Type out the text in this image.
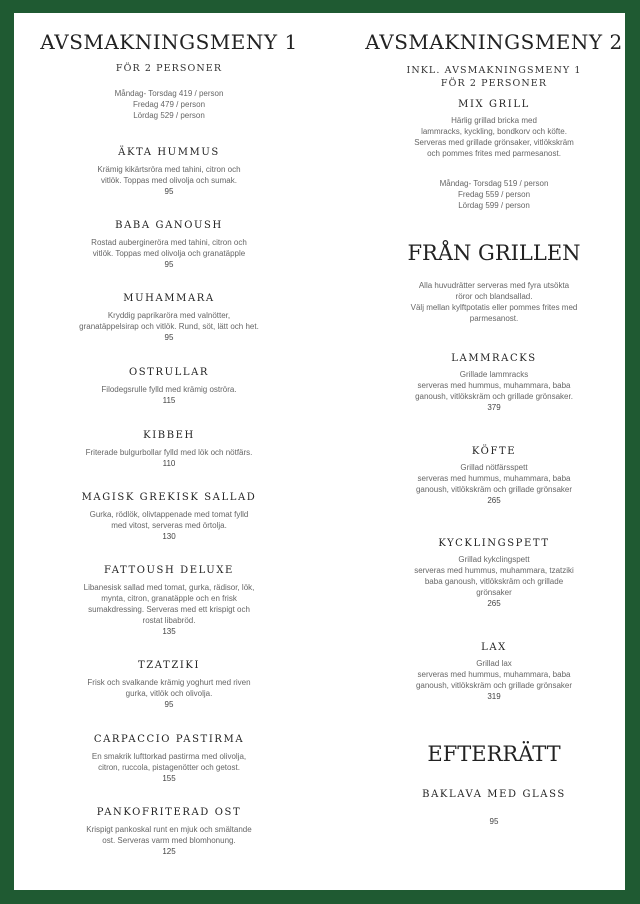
AVSMAKNINGSMENY 1
FÖR 2 PERSONER
Måndag- Torsdag 419 / person
Fredag 479 / person
Lördag 529 / person
ÄKTA HUMMUS
Krämig kikärtsröra med tahini, citron och
vitlök. Toppas med olivolja och sumak.
95
BABA GANOUSH
Rostad aubergineröra med tahini, citron och
vitlök. Toppas med olivolja och granatäpple
95
MUHAMMARA
Kryddig paprikaröra med valnötter,
granatäppelsirap och vitlök. Rund, söt, lätt och het.
95
OSTRULLAR
Filodegsrulle fylld med krämig oströra.
115
KIBBEH
Friterade bulgurbollar fylld med lök och nötfärs.
110
MAGISK GREKISK SALLAD
Gurka, rödlök, olivtappenade med tomat fylld
med vitost, serveras med örtolja.
130
FATTOUSH DELUXE
Libanesisk sallad med tomat, gurka, rädisor, lök,
mynta, citron, granatäpple och en frisk
sumakdressing. Serveras med ett krispigt och
rostat libabröd.
135
TZATZIKI
Frisk och svalkande krämig yoghurt med riven
gurka, vitlök och olivolja.
95
CARPACCIO PASTIRMA
En smakrik lufttorkad pastirma med olivolja,
citron, ruccola, pistagenötter och getost.
155
PANKOFRITERAD OST
Krispigt pankoskal runt en mjuk och smältande
ost. Serveras varm med blomhonung.
125
AVSMAKNINGSMENY 2
INKL. AVSMAKNINGSMENY 1
FÖR 2 PERSONER
MIX GRILL
Härlig grillad bricka med
lammracks, kyckling, bondkorv och köfte.
Serveras med grillade grönsaker, vitlökskräm
och pommes frites med parmesanost.
Måndag- Torsdag 519 / person
Fredag 559 / person
Lördag 599 / person
FRÅN GRILLEN
Alla huvudrätter serveras med fyra utsökta
röror och blandsallad.
Välj mellan kylftpotatis eller pommes frites med
parmesanost.
LAMMRACKS
Grillade lammracks
serveras med hummus, muhammara, baba
ganoush, vitlökskräm och grillade grönsaker.
379
KÖFTE
Grillad nötfärsspett
serveras med hummus, muhammara, baba
ganoush, vitlökskräm och grillade grönsaker
265
KYCKLINGSPETT
Grillad kykclingspett
serveras med hummus, muhammara, tzatziki
baba ganoush, vitlökskräm och grillade
grönsaker
265
LAX
Grillad lax
serveras med hummus, muhammara, baba
ganoush, vitlökskräm och grillade grönsaker
319
EFTERRÄTT
BAKLAVA MED GLASS
95
